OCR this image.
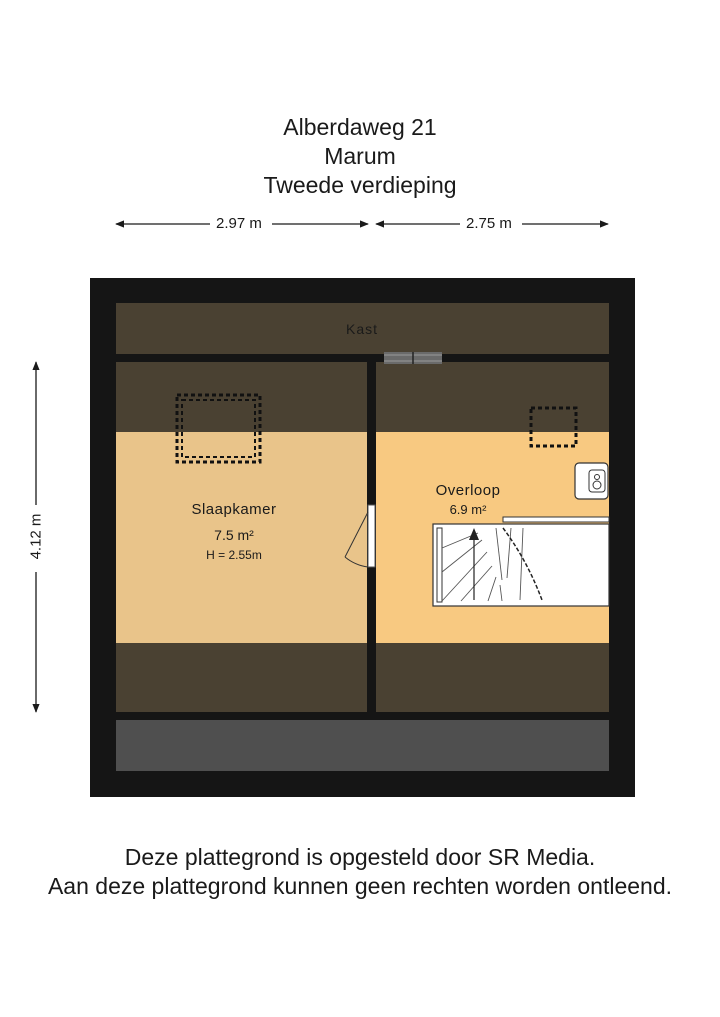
Alberdaweg 21
Marum
Tweede verdieping
2.97 m	2.75 m
4.12 m
Kast
Slaapkamer
7.5 m²
H = 2.55m
Overloop
6.9 m²
Deze plattegrond is opgesteld door SR Media.
Aan deze plattegrond kunnen geen rechten worden ontleend.
